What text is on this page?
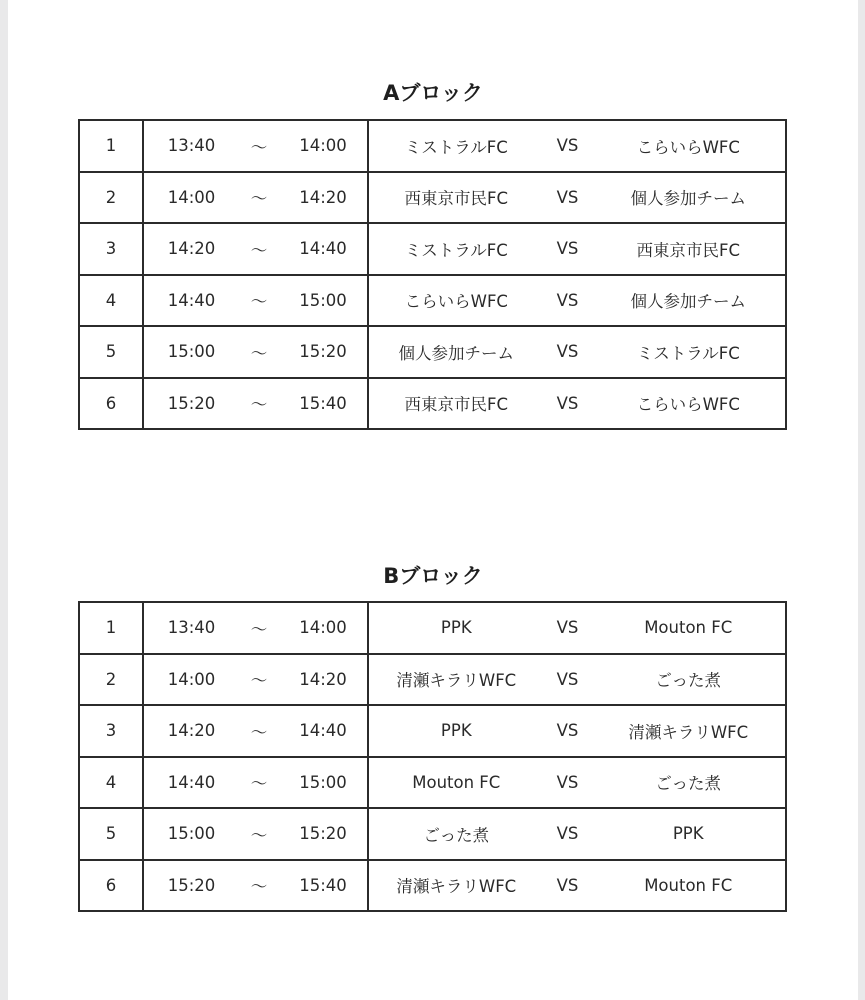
Aブロック
1	13:40 〜 14:00	ミストラルFC VS こらいらWFC

2	14:00 〜 14:20	西東京市民FC VS 個人参加チーム

3	14:20 〜 14:40	ミストラルFC VS 西東京市民FC

4	14:40 〜 15:00	こらいらWFC VS 個人参加チーム

5	15:00 〜 15:20	個人参加チーム VS ミストラルFC

6	15:20 〜 15:40	西東京市民FC VS こらいらWFC
Bブロック
1	13:40 〜 14:00	PPK VS Mouton FC

2	14:00 〜 14:20	清瀬キラリWFC VS ごった煮

3	14:20 〜 14:40	PPK VS 清瀬キラリWFC

4	14:40 〜 15:00	Mouton FC VS ごった煮

5	15:00 〜 15:20	ごった煮 VS PPK

6	15:20 〜 15:40	清瀬キラリWFC VS Mouton FC
